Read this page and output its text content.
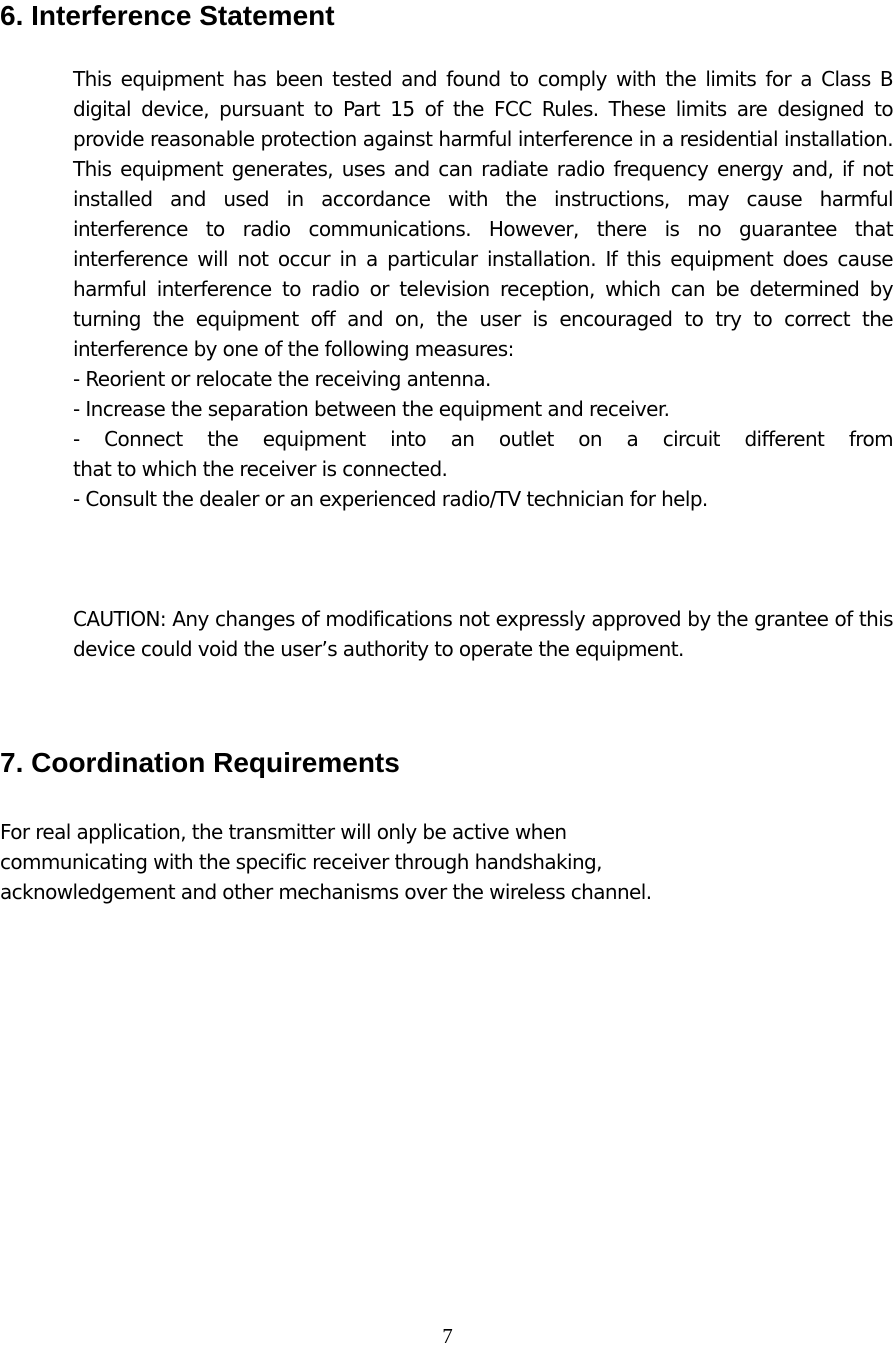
6. Interference Statement
This equipment has been tested and found to comply with the limits for a Class B digital device, pursuant to Part 15 of the FCC Rules. These limits are designed to provide reasonable protection against harmful interference in a residential installation. This equipment generates, uses and can radiate radio frequency energy and, if not installed and used in accordance with the instructions, may cause harmful interference to radio communications. However, there is no guarantee that interference will not occur in a particular installation. If this equipment does cause harmful interference to radio or television reception, which can be determined by turning the equipment off and on, the user is encouraged to try to correct the interference by one of the following measures:
- Reorient or relocate the receiving antenna.
- Increase the separation between the equipment and receiver.
- Connect the equipment into an outlet on a circuit different from
that to which the receiver is connected.
- Consult the dealer or an experienced radio/TV technician for help.
CAUTION: Any changes of modifications not expressly approved by the grantee of this device could void the user’s authority to operate the equipment.
7. Coordination Requirements
For real application, the transmitter will only be active when
communicating with the specific receiver through handshaking,
acknowledgement and other mechanisms over the wireless channel.
7
